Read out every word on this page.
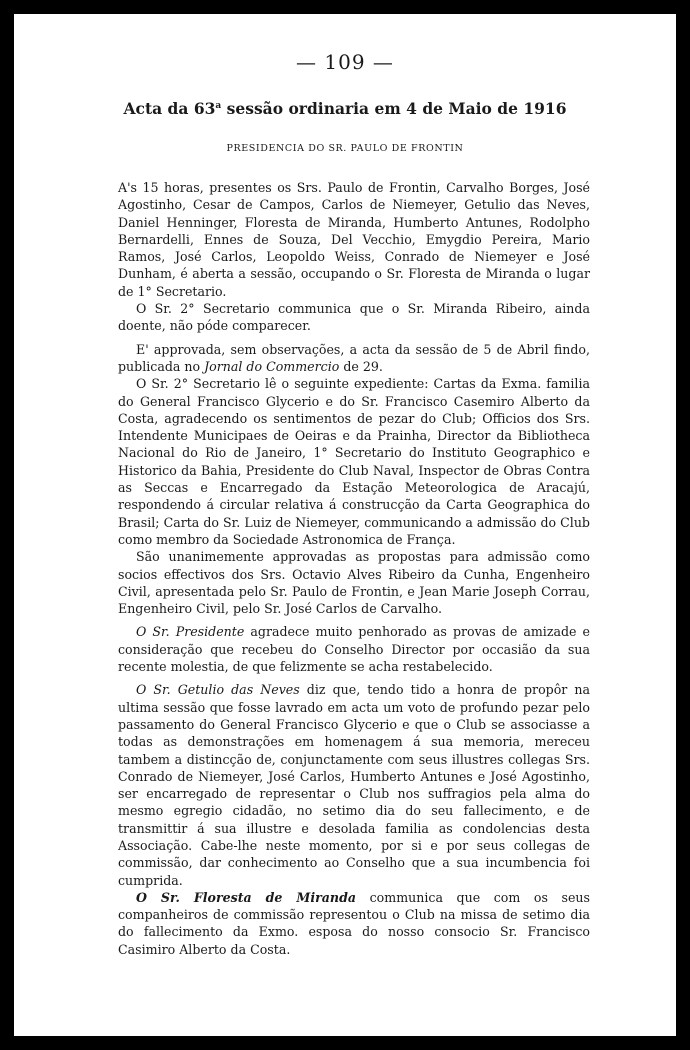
— 109 —
Acta da 63$^a$ sessão ordinaria em 4 de Maio de 1916
PRESIDENCIA DO SR. PAULO DE FRONTIN

A's 15 horas, presentes os Srs. Paulo de Frontin, Carvalho Borges, José Agostinho, Cesar de Campos, Carlos de Niemeyer, Getulio das Neves, Daniel Henninger, Floresta de Miranda, Humberto Antunes, Rodolpho Bernardelli, Ennes de Souza, Del Vecchio, Emygdio Pereira, Mario Ramos, José Carlos, Leopoldo Weiss, Conrado de Niemeyer e José Dunham, é aberta a sessão, occupando o Sr. Floresta de Miranda o lugar de 1° Secretario.

O Sr. 2° Secretario communica que o Sr. Miranda Ribeiro, ainda doente, não póde comparecer.

E' approvada, sem observações, a acta da sessão de 5 de Abril findo, publicada no Jornal do Commercio de 29.

O Sr. 2° Secretario lê o seguinte expediente: Cartas da Exma. familia do General Francisco Glycerio e do Sr. Francisco Casemiro Alberto da Costa, agradecendo os sentimentos de pezar do Club; Officios dos Srs. Intendente Municipaes de Oeiras e da Prainha, Director da Bibliotheca Nacional do Rio de Janeiro, 1° Secretario do Instituto Geographico e Historico da Bahia, Presidente do Club Naval, Inspector de Obras Contra as Seccas e Encarregado da Estação Meteorologica de Aracajú, respondendo á circular relativa á construcção da Carta Geographica do Brasil; Carta do Sr. Luiz de Niemeyer, communicando a admissão do Club como membro da Sociedade Astronomica de França.

São unanimemente approvadas as propostas para admissão como socios effectivos dos Srs. Octavio Alves Ribeiro da Cunha, Engenheiro Civil, apresentada pelo Sr. Paulo de Frontin, e Jean Marie Joseph Corrau, Engenheiro Civil, pelo Sr. José Carlos de Carvalho.

O Sr. Presidente agradece muito penhorado as provas de amizade e consideração que recebeu do Conselho Director por occasião da sua recente molestia, de que felizmente se acha restabelecido.

O Sr. Getulio das Neves diz que, tendo tido a honra de propôr na ultima sessão que fosse lavrado em acta um voto de profundo pezar pelo passamento do General Francisco Glycerio e que o Club se associasse a todas as demonstrações em homenagem á sua memoria, mereceu tambem a distincção de, conjunctamente com seus illustres collegas Srs. Conrado de Niemeyer, José Carlos, Humberto Antunes e José Agostinho, ser encarregado de representar o Club nos suffragios pela alma do mesmo egregio cidadão, no setimo dia do seu fallecimento, e de transmittir á sua illustre e desolada familia as condolencias desta Associação. Cabe-lhe neste momento, por si e por seus collegas de commissão, dar conhecimento ao Conselho que a sua incumbencia foi cumprida.

O Sr. Floresta de Miranda communica que com os seus companheiros de commissão representou o Club na missa de setimo dia do fallecimento da Exmo. esposa do nosso consocio Sr. Francisco Casimiro Alberto da Costa.
